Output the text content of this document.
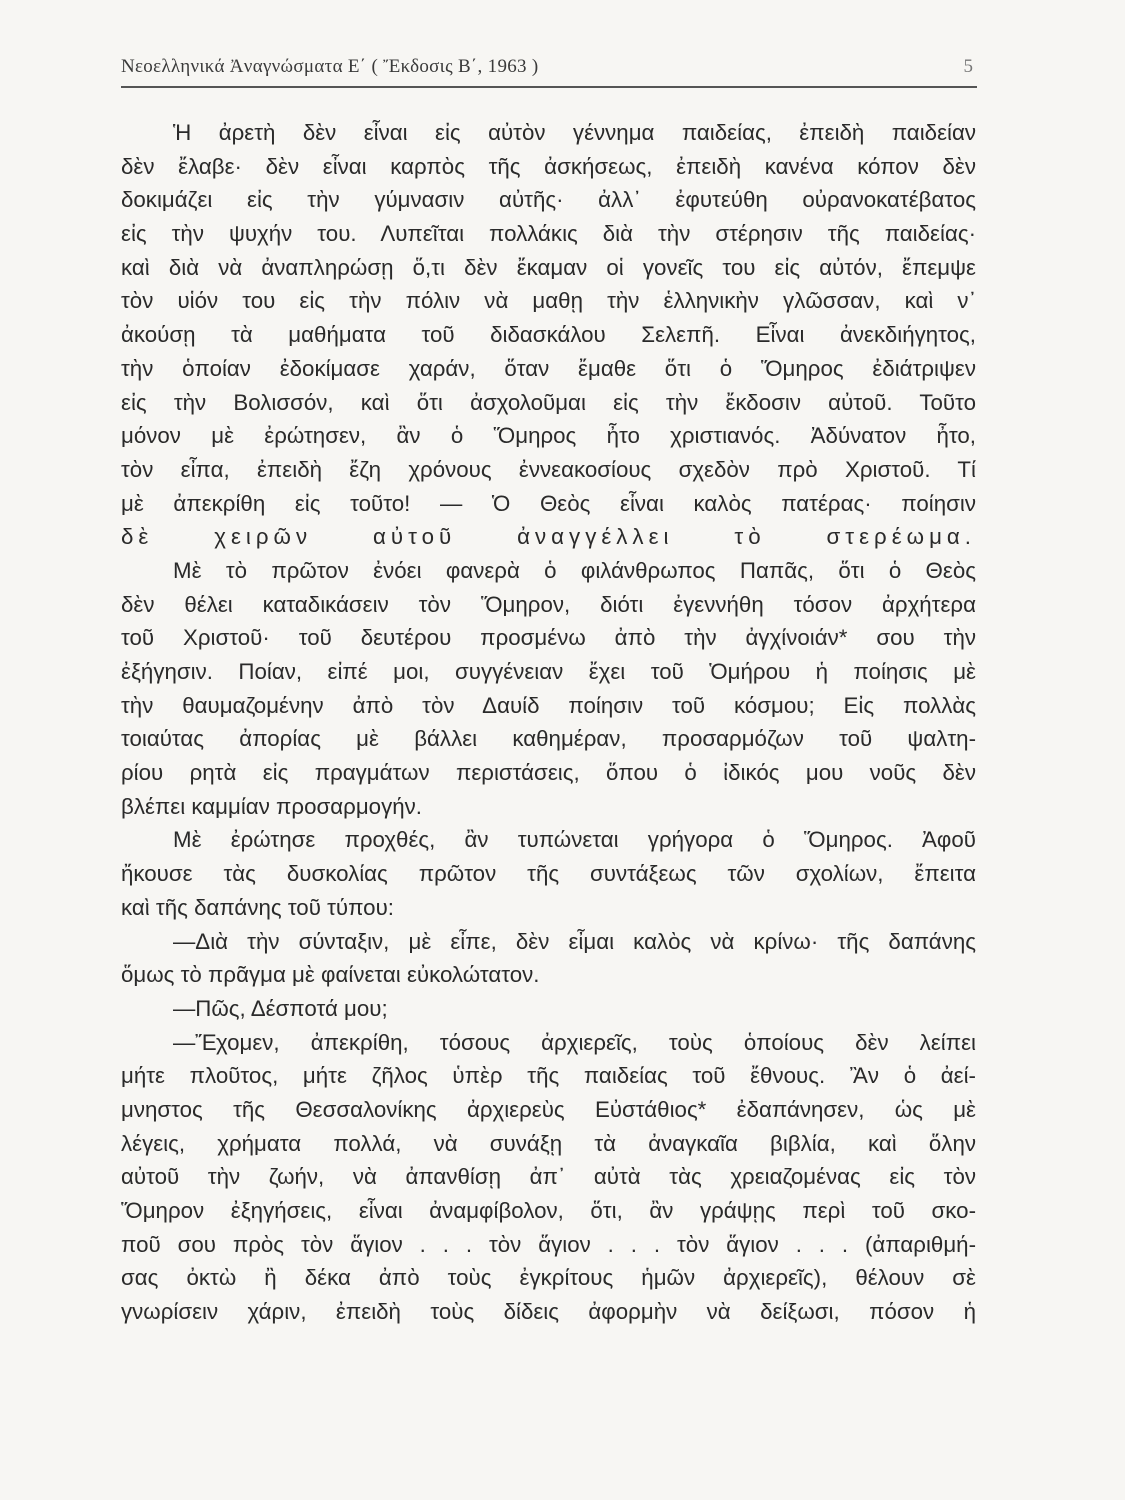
Νεοελληνικά Ἀναγνώσματα Ε΄ ( Ἔκδοσις Β΄, 1963 )	5
Ἡ ἀρετὴ δὲν εἶναι εἰς αὐτὸν γέννημα παιδείας, ἐπειδὴ παιδείαν
δὲν ἔλαβε· δὲν εἶναι καρπὸς τῆς ἀσκήσεως, ἐπειδὴ κανένα κόπον δὲν
δοκιμάζει εἰς τὴν γύμνασιν αὐτῆς· ἀλλ᾽ ἐφυτεύθη οὐρανοκατέβατος
εἰς τὴν ψυχήν του. Λυπεῖται πολλάκις διὰ τὴν στέρησιν τῆς παιδείας·
καὶ διὰ νὰ ἀναπληρώσῃ ὅ,τι δὲν ἔκαμαν οἱ γονεῖς του εἰς αὐτόν, ἔπεμψε
τὸν υἱόν του εἰς τὴν πόλιν νὰ μαθῃ τὴν ἑλληνικὴν γλῶσσαν, καὶ ν᾽
ἀκούσῃ τὰ μαθήματα τοῦ διδασκάλου Σελεπῆ. Εἶναι ἀνεκδιήγητος,
τὴν ὁποίαν ἐδοκίμασε χαράν, ὅταν ἔμαθε ὅτι ὁ Ὅμηρος ἐδιάτριψεν
εἰς τὴν Βολισσόν, καὶ ὅτι ἀσχολοῦμαι εἰς τὴν ἔκδοσιν αὐτοῦ. Τοῦτο
μόνον μὲ ἐρώτησεν, ἂν ὁ Ὅμηρος ἦτο χριστιανός. Ἀδύνατον ἦτο,
τὸν εἶπα, ἐπειδὴ ἔζη χρόνους ἐννεακοσίους σχεδὸν πρὸ Χριστοῦ. Τί
μὲ ἀπεκρίθη εἰς τοῦτο! — Ὁ Θεὸς εἶναι καλὸς πατέρας· ποίησιν
δὲ χειρῶν αὐτοῦ ἀναγγέλλει τὸ στερέωμα.
Μὲ τὸ πρῶτον ἐνόει φανερὰ ὁ φιλάνθρωπος Παπᾶς, ὅτι ὁ Θεὸς
δὲν θέλει καταδικάσειν τὸν Ὅμηρον, διότι ἐγεννήθη τόσον ἀρχήτερα
τοῦ Χριστοῦ· τοῦ δευτέρου προσμένω ἀπὸ τὴν ἀγχίνοιάν* σου τὴν
ἐξήγησιν. Ποίαν, εἰπέ μοι, συγγένειαν ἔχει τοῦ Ὁμήρου ἡ ποίησις μὲ
τὴν θαυμαζομένην ἀπὸ τὸν Δαυίδ ποίησιν τοῦ κόσμου; Εἰς πολλὰς
τοιαύτας ἀπορίας μὲ βάλλει καθημέραν, προσαρμόζων τοῦ ψαλτη-
ρίου ρητὰ εἰς πραγμάτων περιστάσεις, ὅπου ὁ ἰδικός μου νοῦς δὲν
βλέπει καμμίαν προσαρμογήν.
Μὲ ἐρώτησε προχθές, ἂν τυπώνεται γρήγορα ὁ Ὅμηρος. Ἀφοῦ
ἤκουσε τὰς δυσκολίας πρῶτον τῆς συντάξεως τῶν σχολίων, ἔπειτα
καὶ τῆς δαπάνης τοῦ τύπου:
—Διὰ τὴν σύνταξιν, μὲ εἶπε, δὲν εἶμαι καλὸς νὰ κρίνω· τῆς δαπάνης
ὅμως τὸ πρᾶγμα μὲ φαίνεται εὐκολώτατον.
—Πῶς, Δέσποτά μου;
—Ἔχομεν, ἀπεκρίθη, τόσους ἀρχιερεῖς, τοὺς ὁποίους δὲν λείπει
μήτε πλοῦτος, μήτε ζῆλος ὑπὲρ τῆς παιδείας τοῦ ἔθνους. Ἂν ὁ ἀεί-
μνηστος τῆς Θεσσαλονίκης ἀρχιερεὺς Εὐστάθιος* ἐδαπάνησεν, ὡς μὲ
λέγεις, χρήματα πολλά, νὰ συνάξῃ τὰ ἀναγκαῖα βιβλία, καὶ ὅλην
αὐτοῦ τὴν ζωήν, νὰ ἀπανθίσῃ ἀπ᾽ αὐτὰ τὰς χρειαζομένας εἰς τὸν
Ὅμηρον ἐξηγήσεις, εἶναι ἀναμφίβολον, ὅτι, ἂν γράψῃς περὶ τοῦ σκο-
ποῦ σου πρὸς τὸν ἅγιον . . . τὸν ἅγιον . . . τὸν ἅγιον . . . (ἀπαριθμή-
σας ὀκτὼ ἢ δέκα ἀπὸ τοὺς ἐγκρίτους ἡμῶν ἀρχιερεῖς), θέλουν σὲ
γνωρίσειν χάριν, ἐπειδὴ τοὺς δίδεις ἀφορμὴν νὰ δείξωσι, πόσον ἡ
